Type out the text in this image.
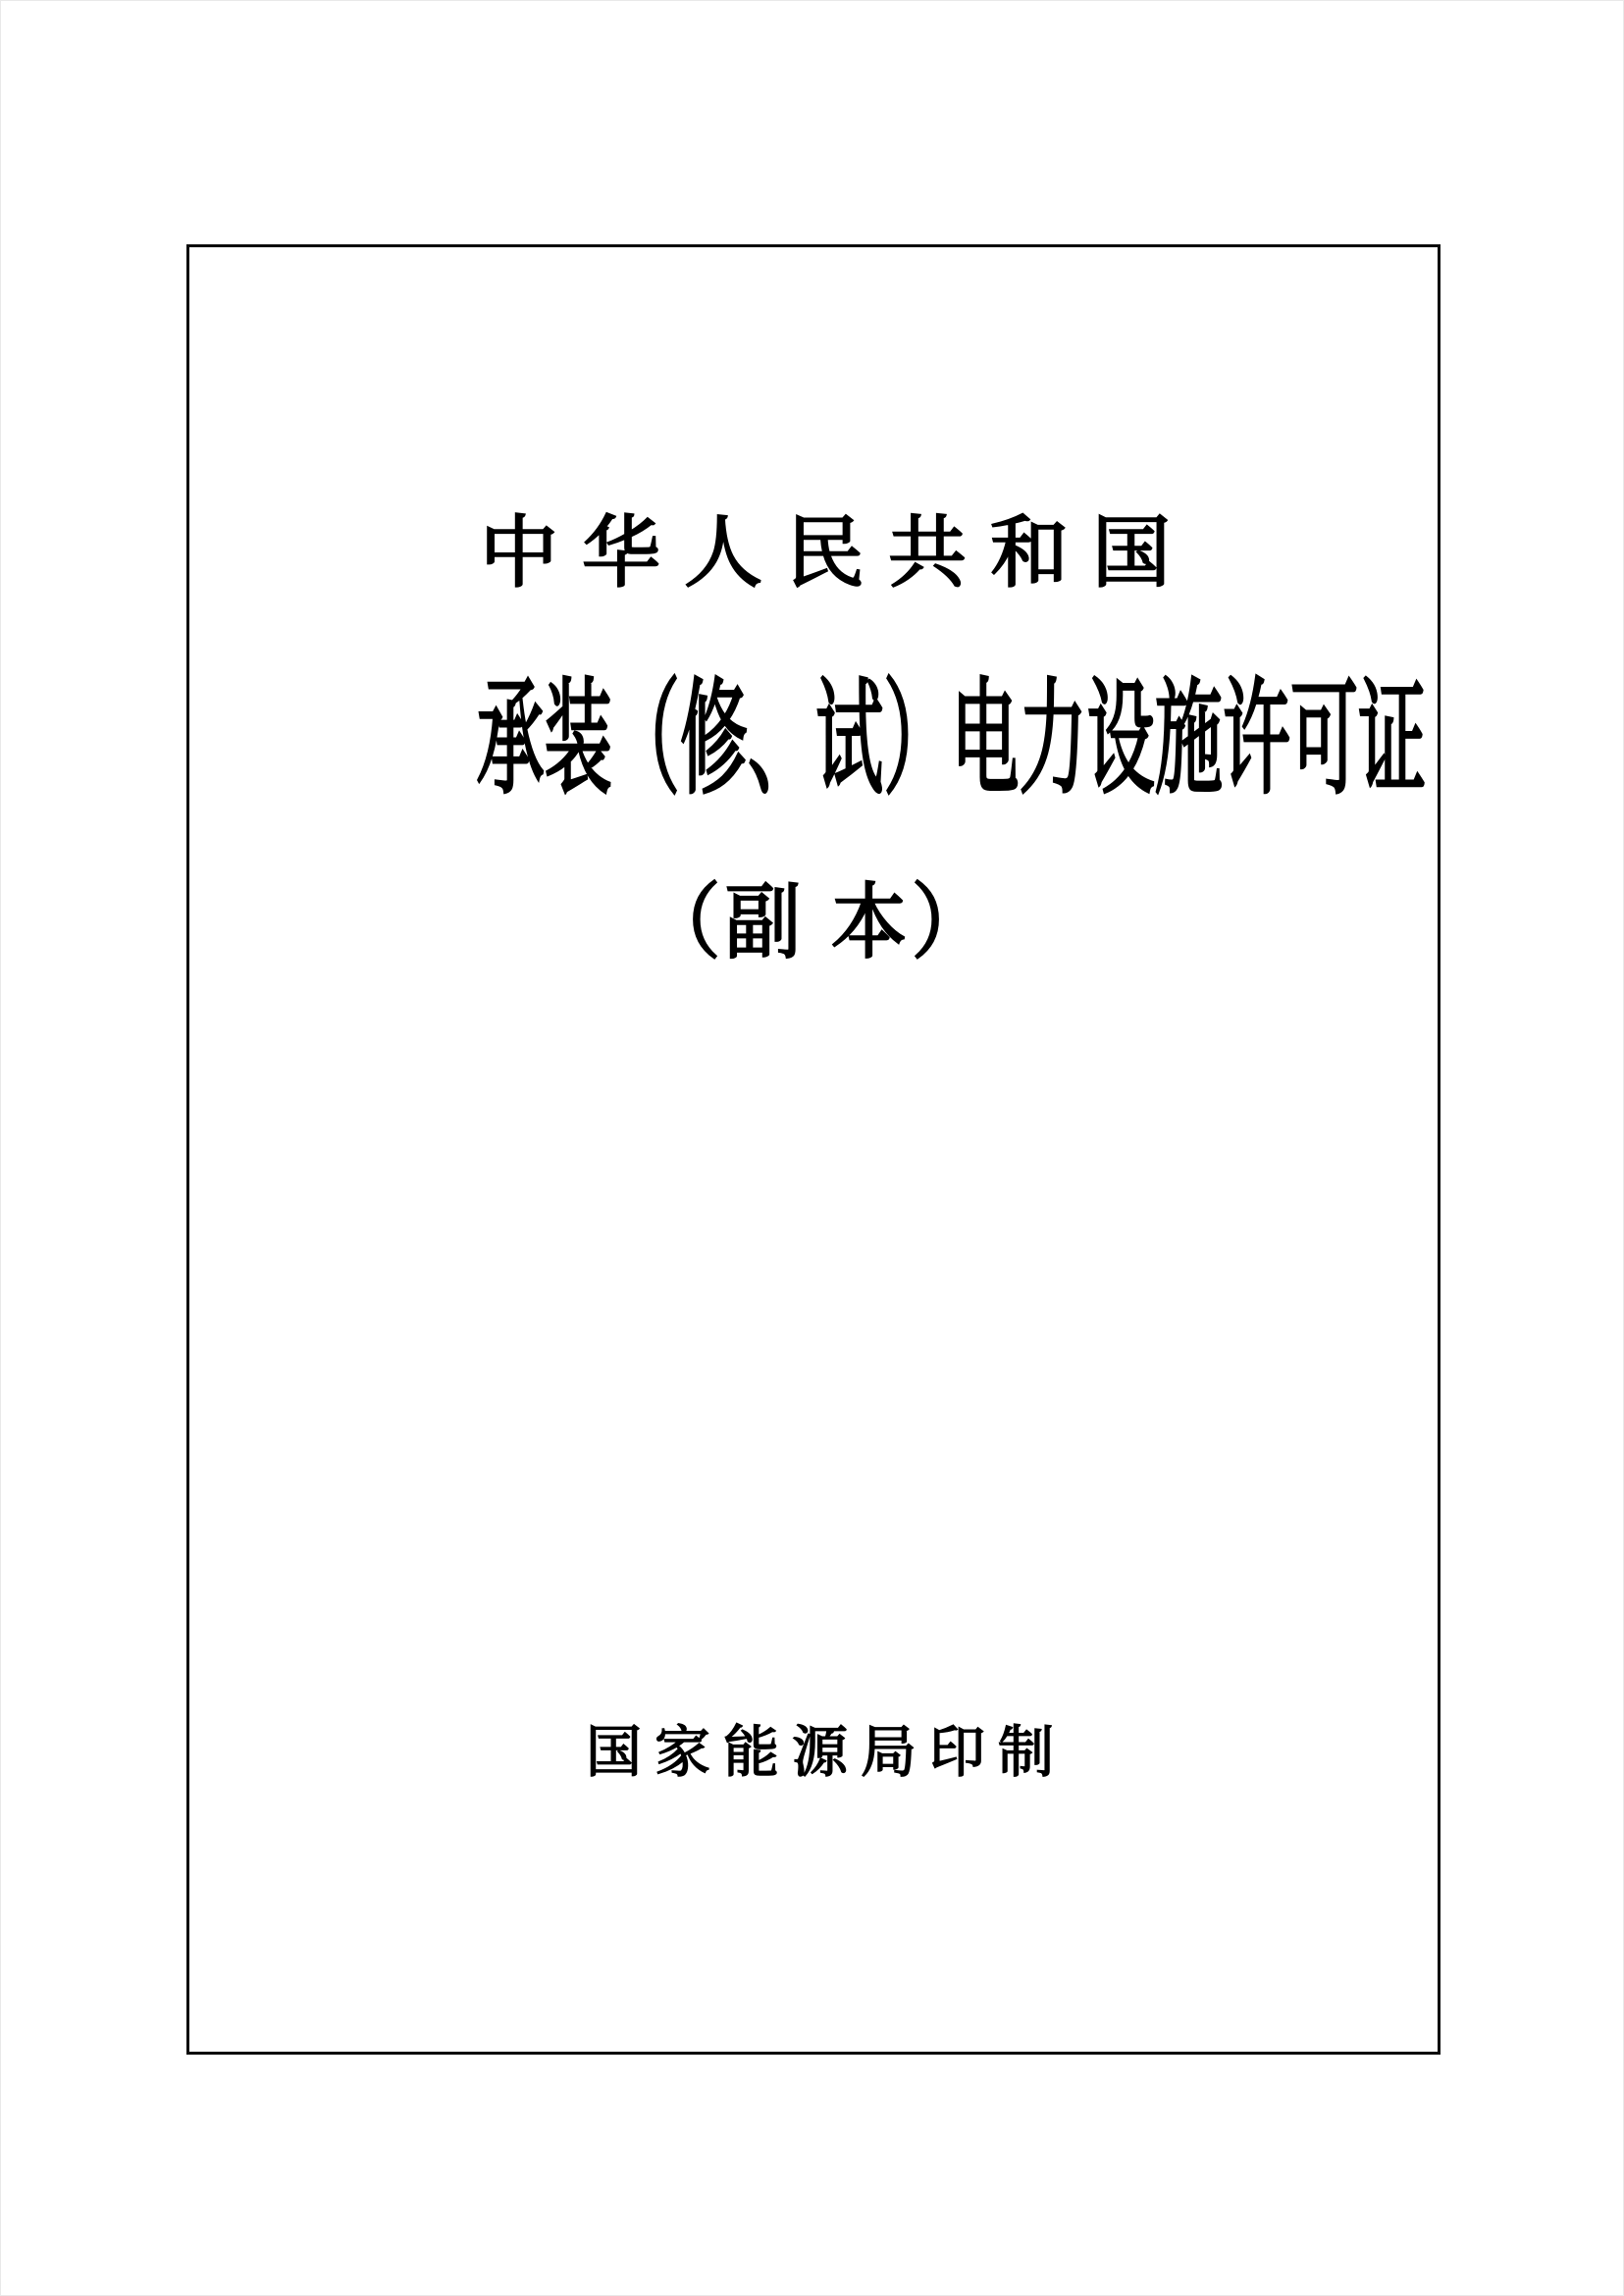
中华人民共和国
承装（修、试）电力设施许可证
（副 本）
国家能源局印制
